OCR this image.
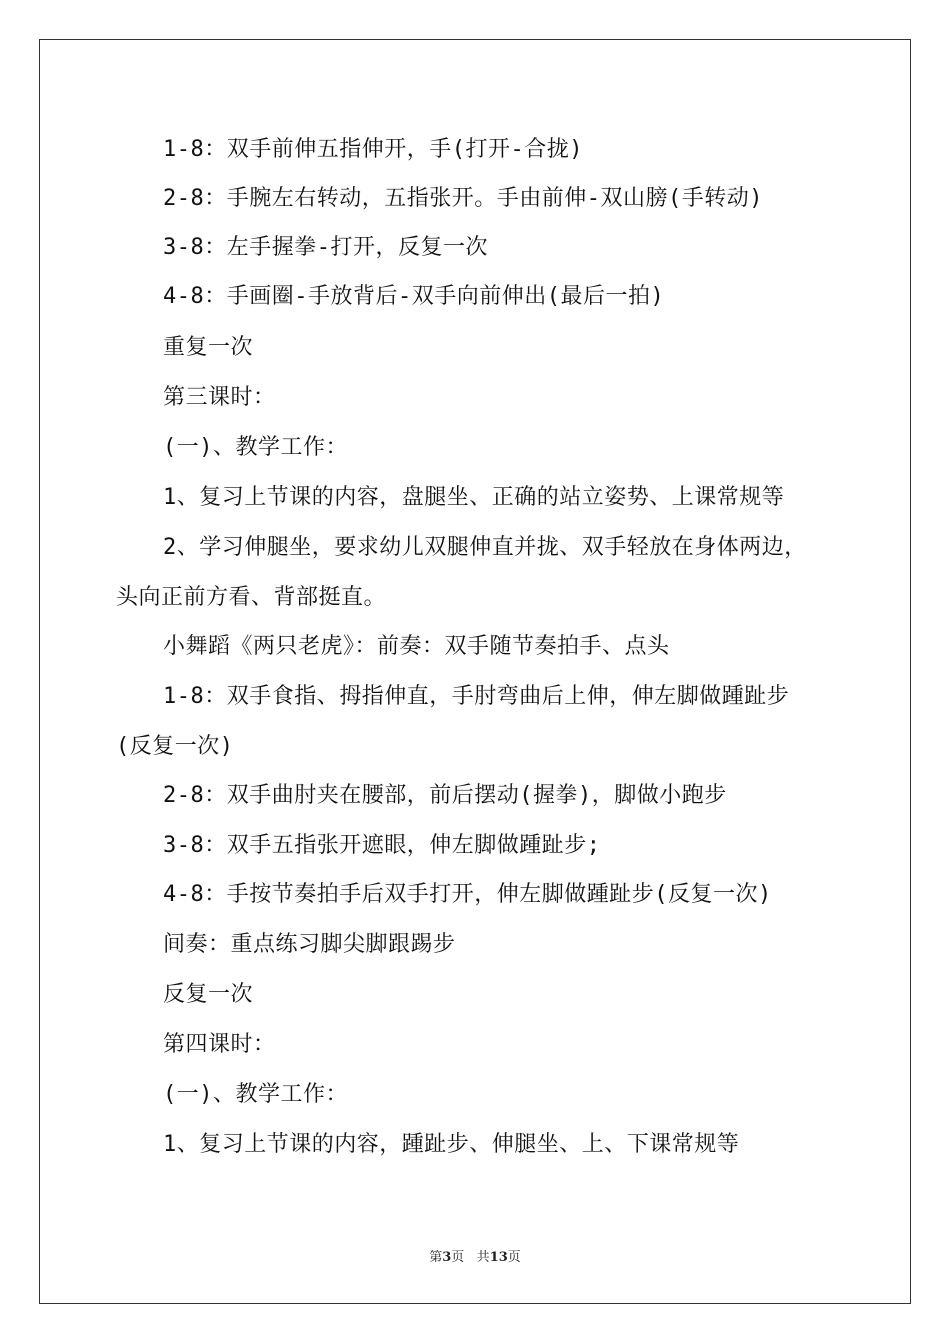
1-8：双手前伸五指伸开，手(打开-合拢)
2-8：手腕左右转动，五指张开。手由前伸-双山膀(手转动)
3-8：左手握拳-打开，反复一次
4-8：手画圈-手放背后-双手向前伸出(最后一拍)
重复一次
第三课时：
(一)、教学工作：
1、复习上节课的内容，盘腿坐、正确的站立姿势、上课常规等
2、学习伸腿坐，要求幼儿双腿伸直并拢、双手轻放在身体两边，
头向正前方看、背部挺直。
小舞蹈《两只老虎》：前奏：双手随节奏拍手、点头
1-8：双手食指、拇指伸直，手肘弯曲后上伸，伸左脚做踵趾步
(反复一次)
2-8：双手曲肘夹在腰部，前后摆动(握拳)，脚做小跑步
3-8：双手五指张开遮眼，伸左脚做踵趾步;
4-8：手按节奏拍手后双手打开，伸左脚做踵趾步(反复一次)
间奏：重点练习脚尖脚跟踢步
反复一次
第四课时：
(一)、教学工作：
1、复习上节课的内容，踵趾步、伸腿坐、上、下课常规等
第3页 共13页
